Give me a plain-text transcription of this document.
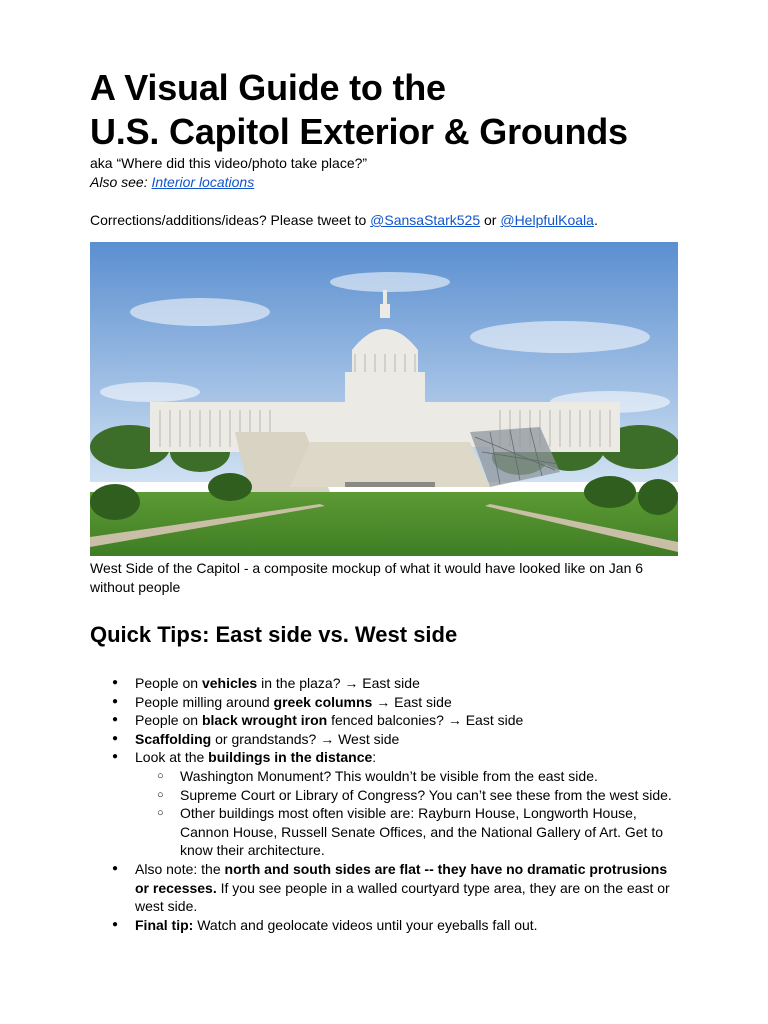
A Visual Guide to the
U.S. Capitol Exterior & Grounds

aka “Where did this video/photo take place?”

Also see: Interior locations

Corrections/additions/ideas? Please tweet to @SansaStark525 or @HelpfulKoala.

West Side of the Capitol - a composite mockup of what it would have looked like on Jan 6 without people
Quick Tips: East side vs. West side
● People on vehicles in the plaza? → East side
● People milling around greek columns → East side
● People on black wrought iron fenced balconies? → East side
● Scaffolding or grandstands? → West side
● Look at the buildings in the distance:
○ Washington Monument? This wouldn’t be visible from the east side.
○ Supreme Court or Library of Congress? You can’t see these from the west side.
○ Other buildings most often visible are: Rayburn House, Longworth House, Cannon House, Russell Senate Offices, and the National Gallery of Art. Get to know their architecture.
● Also note: the north and south sides are flat -- they have no dramatic protrusions or recesses. If you see people in a walled courtyard type area, they are on the east or west side.
● Final tip: Watch and geolocate videos until your eyeballs fall out.
